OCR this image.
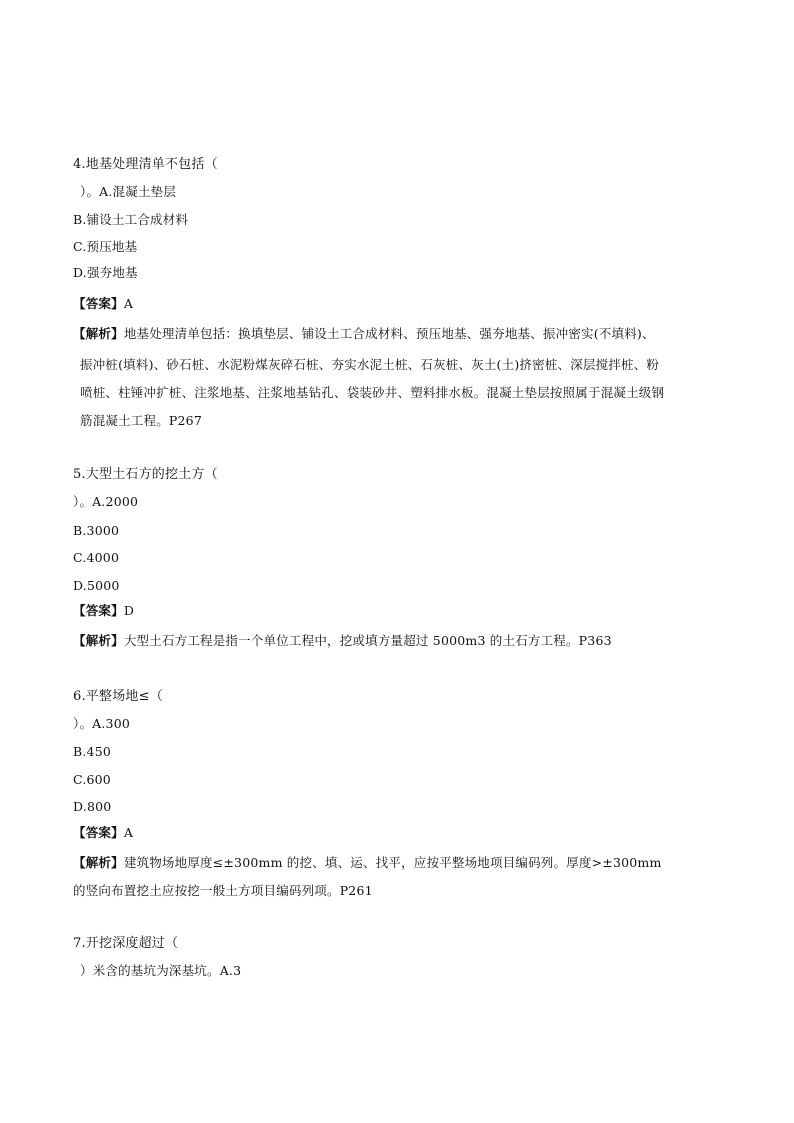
4.地基处理清单不包括（
）。A.混凝土垫层
B.铺设土工合成材料
C.预压地基
D.强夯地基
【答案】A
【解析】地基处理清单包括：换填垫层、铺设土工合成材料、预压地基、强夯地基、振冲密实(不填料)、
振冲桩(填料)、砂石桩、水泥粉煤灰碎石桩、夯实水泥土桩、石灰桩、灰土(土)挤密桩、深层搅拌桩、粉
喷桩、柱锤冲扩桩、注浆地基、注浆地基钻孔、袋装砂井、塑料排水板。混凝土垫层按照属于混凝土级钢
筋混凝土工程。P267
5.大型土石方的挖土方（
）。A.2000
B.3000
C.4000
D.5000
【答案】D
【解析】大型土石方工程是指一个单位工程中，挖或填方量超过 5000m3 的土石方工程。P363
6.平整场地≤（
）。A.300
B.450
C.600
D.800
【答案】A
【解析】建筑物场地厚度≤±300mm 的挖、填、运、找平，应按平整场地项目编码列。厚度>±300mm
的竖向布置挖土应按挖一般土方项目编码列项。P261
7.开挖深度超过（
）米含的基坑为深基坑。A.3
